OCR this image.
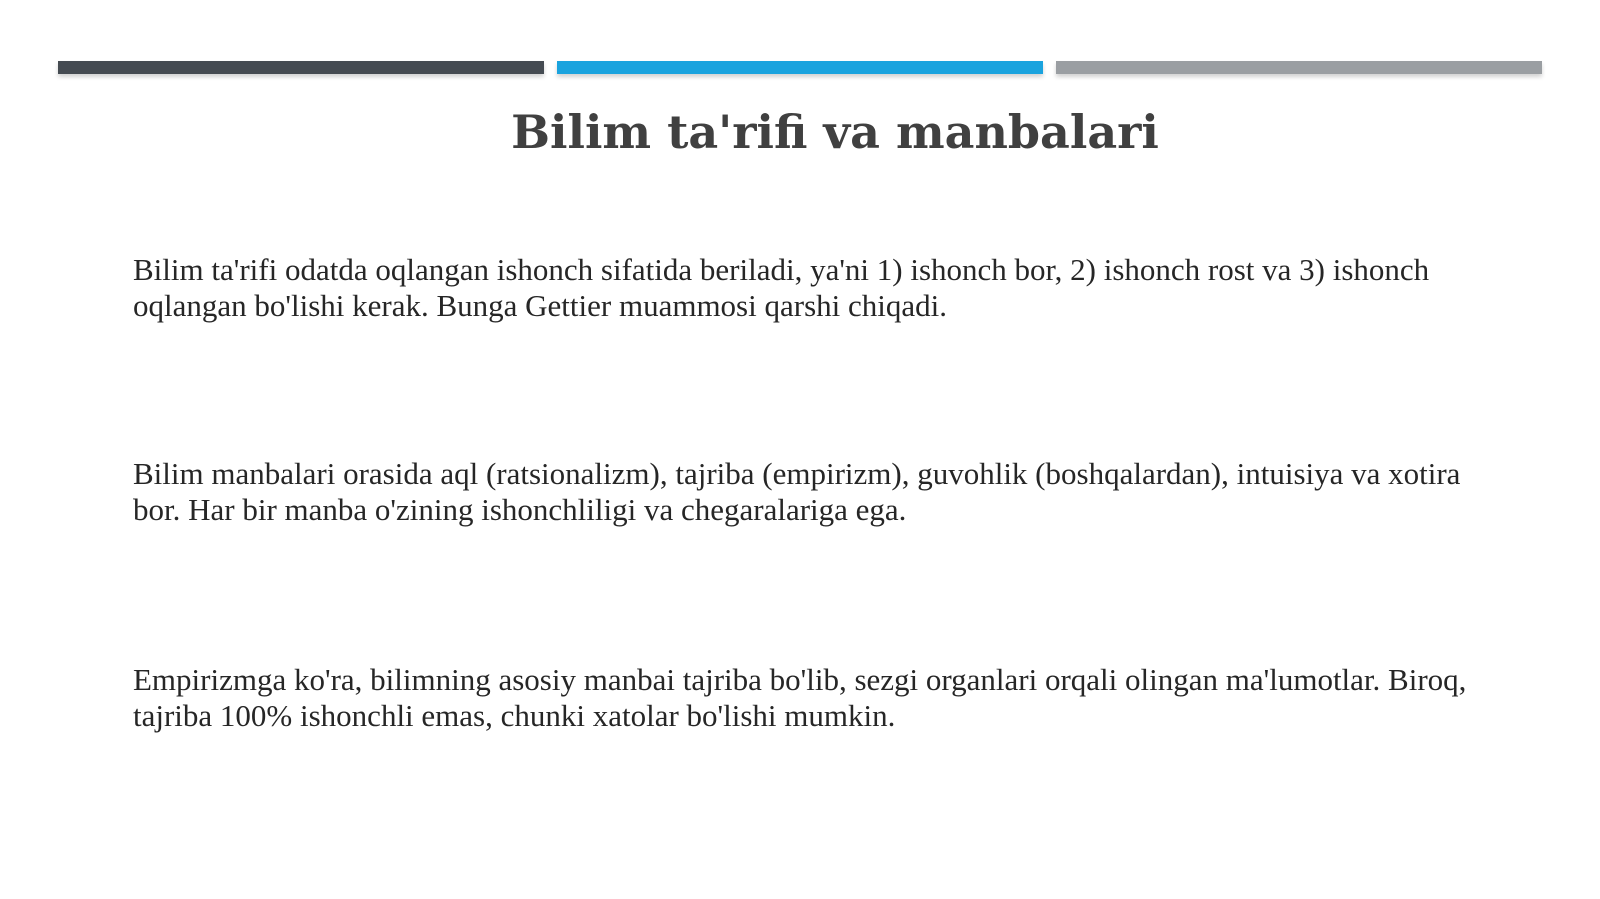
Bilim ta'rifi va manbalari

Bilim ta'rifi odatda oqlangan ishonch sifatida beriladi, ya'ni 1) ishonch bor, 2) ishonch rost va 3) ishonch oqlangan bo'lishi kerak. Bunga Gettier muammosi qarshi chiqadi.

Bilim manbalari orasida aql (ratsionalizm), tajriba (empirizm), guvohlik (boshqalardan), intuisiya va xotira bor. Har bir manba o'zining ishonchliligi va chegaralariga ega.

Empirizmga ko'ra, bilimning asosiy manbai tajriba bo'lib, sezgi organlari orqali olingan ma'lumotlar. Biroq, tajriba 100% ishonchli emas, chunki xatolar bo'lishi mumkin.
